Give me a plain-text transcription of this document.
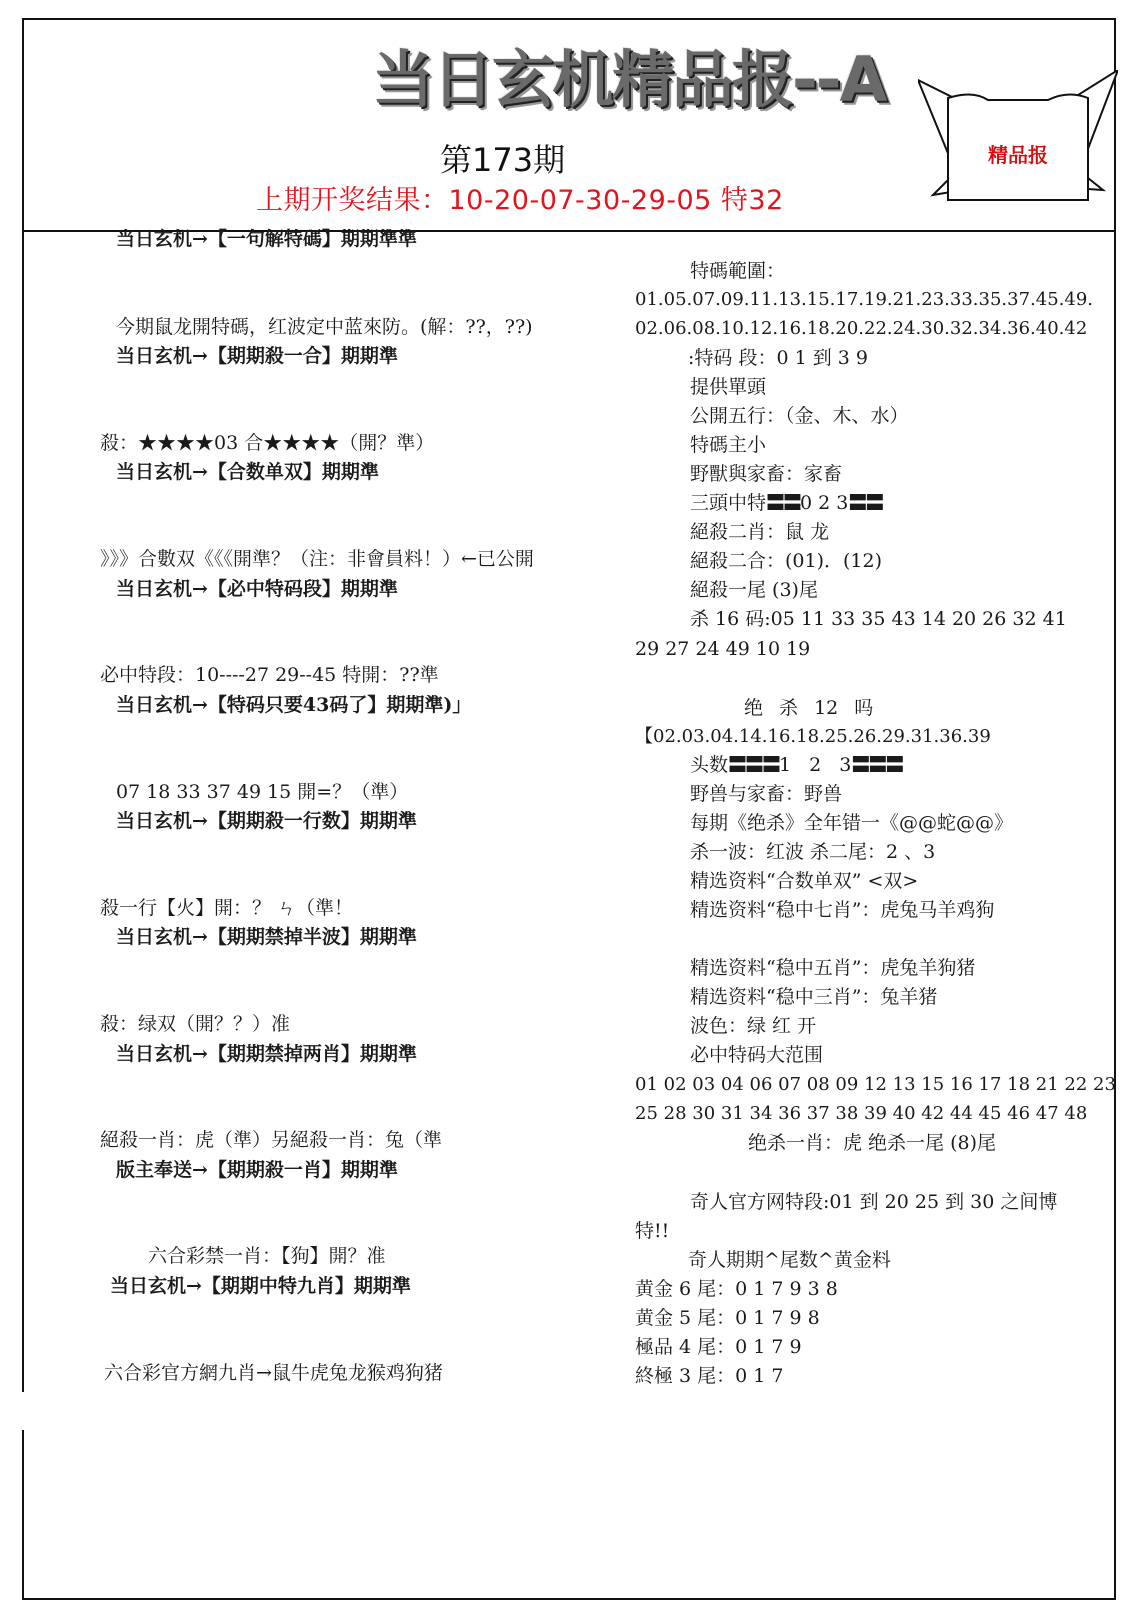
当日玄机精品报--A
第173期
上期开奖结果：10-20-07-30-29-05 特32
精品报
当日玄机→【一句解特碼】期期準準
今期鼠龙開特碼，红波定中蓝來防。(解：??，??)
当日玄机→【期期殺一合】期期準
殺：★★★★03 合★★★★（開？準）
当日玄机→【合数单双】期期準
》》》合數双《《《開準？（注：非會員料！）←已公開
当日玄机→【必中特码段】期期準
必中特段：10----27 29--45 特開：??準
当日玄机→【特码只要43码了】期期準)」
07 18 33 37 49 15 開=？（準）
当日玄机→【期期殺一行数】期期準
殺一行【火】開：？ ㄣ（準！
当日玄机→【期期禁掉半波】期期準
殺：绿双（開？？）准
当日玄机→【期期禁掉两肖】期期準
絕殺一肖：虎（準）另絕殺一肖：兔（準
版主奉送→【期期殺一肖】期期準
六合彩禁一肖：【狗】開？准
当日玄机→【期期中特九肖】期期準
六合彩官方網九肖→鼠牛虎兔龙猴鸡狗猪
特碼範圍：
01.05.07.09.11.13.15.17.19.21.23.33.35.37.45.49.
02.06.08.10.12.16.18.20.22.24.30.32.34.36.40.42
:特码 段：0 1 到 3 9
提供單頭
公開五行：（金、木、水）
特碼主小
野獸與家畜：家畜
三頭中特〓〓0 2 3〓〓
絕殺二肖：鼠 龙
絕殺二合：(01)．(12)
絕殺一尾 (3)尾
杀 16 码:05 11 33 35 43 14 20 26 32 41
29 27 24 49 10 19
绝 杀 12 吗
【02.03.04.14.16.18.25.26.29.31.36.39
头数〓〓〓1 2 3〓〓〓
野兽与家畜：野兽
每期《绝杀》全年错一《@@蛇@@》
杀一波：红波 杀二尾：2 、3
精选资料“合数单双” <双>
精选资料“稳中七肖”：虎兔马羊鸡狗
精选资料“稳中五肖”：虎兔羊狗猪
精选资料“稳中三肖”：兔羊猪
波色：绿 红 开
必中特码大范围
01 02 03 04 06 07 08 09 12 13 15 16 17 18 21 22 23
25 28 30 31 34 36 37 38 39 40 42 44 45 46 47 48
绝杀一肖：虎 绝杀一尾 (8)尾
奇人官方网特段:01 到 20 25 到 30 之间博
特!!
奇人期期^尾数^黄金料
黄金 6 尾：0 1 7 9 3 8
黄金 5 尾：0 1 7 9 8
極品 4 尾：0 1 7 9
終極 3 尾：0 1 7
